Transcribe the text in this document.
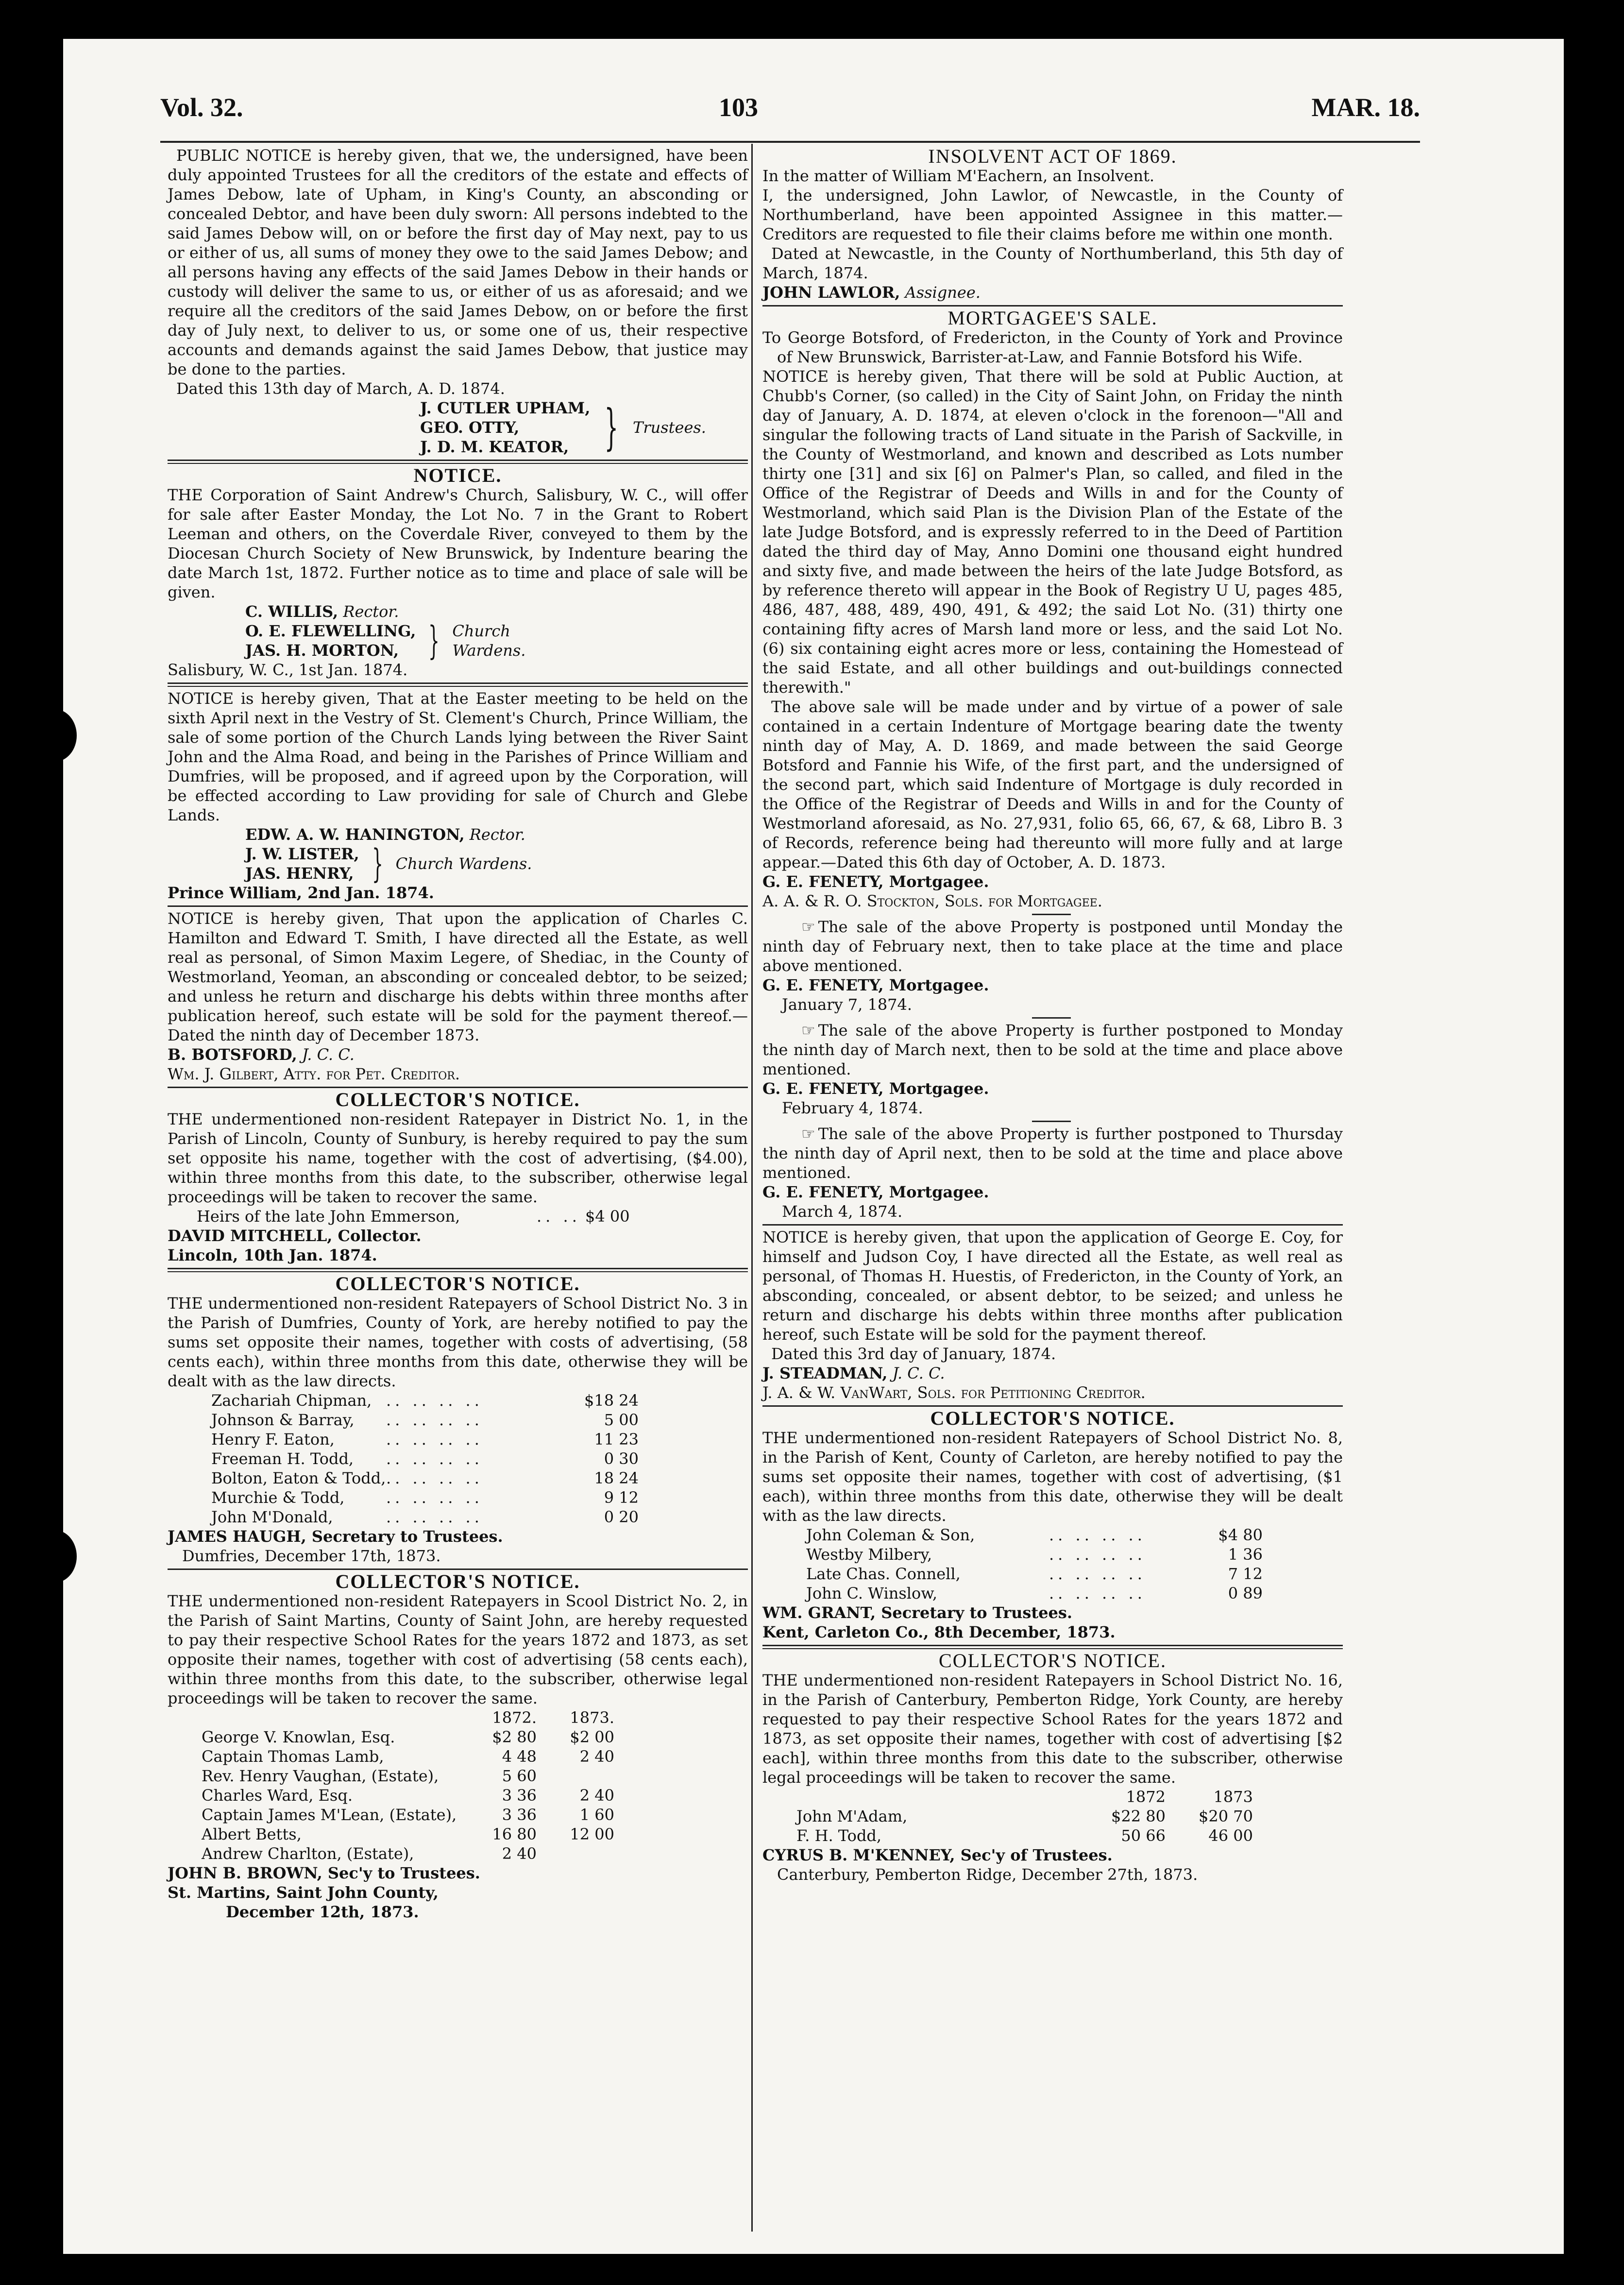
Vol. 32.	103	MAR. 18.

PUBLIC NOTICE is hereby given, that we, the undersigned, have been duly appointed Trustees for all the creditors of the estate and effects of James Debow, late of Upham, in King's County, an absconding or concealed Debtor, and have been duly sworn: All persons indebted to the said James Debow will, on or before the first day of May next, pay to us or either of us, all sums of money they owe to the said James Debow; and all persons having any effects of the said James Debow in their hands or custody will deliver the same to us, or either of us as aforesaid; and we require all the creditors of the said James Debow, on or before the first day of July next, to deliver to us, or some one of us, their respective accounts and demands against the said James Debow, that justice may be done to the parties.

Dated this 13th day of March, A. D. 1874.

J. CUTLER UPHAM,
GEO. OTTY,
J. D. M. KEATOR, } Trustees.
NOTICE.

THE Corporation of Saint Andrew's Church, Salisbury, W. C., will offer for sale after Easter Monday, the Lot No. 7 in the Grant to Robert Leeman and others, on the Coverdale River, conveyed to them by the Diocesan Church Society of New Brunswick, by Indenture bearing the date March 1st, 1872. Further notice as to time and place of sale will be given.

C. WILLIS, Rector.

O. E. FLEWELLING,
JAS. H. MORTON, } Church
Wardens.

Salisbury, W. C., 1st Jan. 1874.

NOTICE is hereby given, That at the Easter meeting to be held on the sixth April next in the Vestry of St. Clement's Church, Prince William, the sale of some portion of the Church Lands lying between the River Saint John and the Alma Road, and being in the Parishes of Prince William and Dumfries, will be proposed, and if agreed upon by the Corporation, will be effected according to Law providing for sale of Church and Glebe Lands.

EDW. A. W. HANINGTON, Rector.

J. W. LISTER,
JAS. HENRY, } Church Wardens.

Prince William, 2nd Jan. 1874.

NOTICE is hereby given, That upon the application of Charles C. Hamilton and Edward T. Smith, I have directed all the Estate, as well real as personal, of Simon Maxim Legere, of Shediac, in the County of Westmorland, Yeoman, an absconding or concealed debtor, to be seized; and unless he return and discharge his debts within three months after publication hereof, such estate will be sold for the payment thereof.—Dated the ninth day of December 1873.

B. BOTSFORD, J. C. C.

Wm. J. Gilbert, Atty. for Pet. Creditor.

COLLECTOR'S NOTICE.

THE undermentioned non-resident Ratepayer in District No. 1, in the Parish of Lincoln, County of Sunbury, is hereby required to pay the sum set opposite his name, together with the cost of advertising, ($4.00), within three months from this date, to the subscriber, otherwise legal proceedings will be taken to recover the same.

Heirs of the late John Emmerson,	.. .. $4 00

DAVID MITCHELL, Collector.

Lincoln, 10th Jan. 1874.

COLLECTOR'S NOTICE.

THE undermentioned non-resident Ratepayers of School District No. 3 in the Parish of Dumfries, County of York, are hereby notified to pay the sums set opposite their names, together with costs of advertising, (58 cents each), within three months from this date, otherwise they will be dealt with as the law directs.

Zachariah Chipman, .. .. .. ..	$18 24
Johnson & Barray,	.. .. .. ..	5 00
Henry F. Eaton,	.. .. .. ..	11 23
Freeman H. Todd,	.. .. .. ..	0 30
Bolton, Eaton & Todd, .. .. .. ..	18 24
Murchie & Todd,	.. .. .. ..	9 12
John M'Donald,	.. .. .. ..	0 20

JAMES HAUGH, Secretary to Trustees.

Dumfries, December 17th, 1873.

COLLECTOR'S NOTICE.

THE undermentioned non-resident Ratepayers in Scool District No. 2, in the Parish of Saint Martins, County of Saint John, are hereby requested to pay their respective School Rates for the years 1872 and 1873, as set opposite their names, together with cost of advertising (58 cents each), within three months from this date, to the subscriber, otherwise legal proceedings will be taken to recover the same.

1872.	1873.
George V. Knowlan, Esq.	$2 80	$2 00
Captain Thomas Lamb,	4 48	2 40
Rev. Henry Vaughan, (Estate),	5 60
Charles Ward, Esq.	3 36	2 40
Captain James M'Lean, (Estate),	3 36	1 60
Albert Betts,	16 80	12 00
Andrew Charlton, (Estate),	2 40

JOHN B. BROWN, Sec'y to Trustees.

St. Martins, Saint John County,

December 12th, 1873.

INSOLVENT ACT OF 1869.

In the matter of William M'Eachern, an Insolvent.

I, the undersigned, John Lawlor, of Newcastle, in the County of Northumberland, have been appointed Assignee in this matter.—Creditors are requested to file their claims before me within one month.

Dated at Newcastle, in the County of Northumberland, this 5th day of March, 1874.

JOHN LAWLOR, Assignee.

MORTGAGEE'S SALE.

To George Botsford, of Fredericton, in the County of York and Province of New Brunswick, Barrister-at-Law, and Fannie Botsford his Wife.

NOTICE is hereby given, That there will be sold at Public Auction, at Chubb's Corner, (so called) in the City of Saint John, on Friday the ninth day of January, A. D. 1874, at eleven o'clock in the forenoon—"All and singular the following tracts of Land situate in the Parish of Sackville, in the County of Westmorland, and known and described as Lots number thirty one [31] and six [6] on Palmer's Plan, so called, and filed in the Office of the Registrar of Deeds and Wills in and for the County of Westmorland, which said Plan is the Division Plan of the Estate of the late Judge Botsford, and is expressly referred to in the Deed of Partition dated the third day of May, Anno Domini one thousand eight hundred and sixty five, and made between the heirs of the late Judge Botsford, as by reference thereto will appear in the Book of Registry U U, pages 485, 486, 487, 488, 489, 490, 491, & 492; the said Lot No. (31) thirty one containing fifty acres of Marsh land more or less, and the said Lot No. (6) six containing eight acres more or less, containing the Homestead of the said Estate, and all other buildings and out-buildings connected therewith."

The above sale will be made under and by virtue of a power of sale contained in a certain Indenture of Mortgage bearing date the twenty ninth day of May, A. D. 1869, and made between the said George Botsford and Fannie his Wife, of the first part, and the undersigned of the second part, which said Indenture of Mortgage is duly recorded in the Office of the Registrar of Deeds and Wills in and for the County of Westmorland aforesaid, as No. 27,931, folio 65, 66, 67, & 68, Libro B. 3 of Records, reference being had thereunto will more fully and at large appear.—Dated this 6th day of October, A. D. 1873.

G. E. FENETY, Mortgagee.

A. A. & R. O. Stockton, Sols. for Mortgagee.

☞ The sale of the above Property is postponed until Monday the ninth day of February next, then to take place at the time and place above mentioned.

G. E. FENETY, Mortgagee.

January 7, 1874.

☞ The sale of the above Property is further postponed to Monday the ninth day of March next, then to be sold at the time and place above mentioned.

G. E. FENETY, Mortgagee.

February 4, 1874.

☞ The sale of the above Property is further postponed to Thursday the ninth day of April next, then to be sold at the time and place above mentioned.

G. E. FENETY, Mortgagee.

March 4, 1874.

NOTICE is hereby given, that upon the application of George E. Coy, for himself and Judson Coy, I have directed all the Estate, as well real as personal, of Thomas H. Huestis, of Fredericton, in the County of York, an absconding, concealed, or absent debtor, to be seized; and unless he return and discharge his debts within three months after publication hereof, such Estate will be sold for the payment thereof.

Dated this 3rd day of January, 1874.

J. STEADMAN, J. C. C.

J. A. & W. VanWart, Sols. for Petitioning Creditor.

COLLECTOR'S NOTICE.

THE undermentioned non-resident Ratepayers of School District No. 8, in the Parish of Kent, County of Carleton, are hereby notified to pay the sums set opposite their names, together with cost of advertising, ($1 each), within three months from this date, otherwise they will be dealt with as the law directs.

John Coleman & Son,	.. .. .. ..	$4 80
Westby Milbery,	.. .. .. ..	1 36
Late Chas. Connell,	.. .. .. ..	7 12
John C. Winslow,	.. .. .. ..	0 89

WM. GRANT, Secretary to Trustees.

Kent, Carleton Co., 8th December, 1873.

COLLECTOR'S NOTICE.

THE undermentioned non-resident Ratepayers in School District No. 16, in the Parish of Canterbury, Pemberton Ridge, York County, are hereby requested to pay their respective School Rates for the years 1872 and 1873, as set opposite their names, together with cost of advertising [$2 each], within three months from this date to the subscriber, otherwise legal proceedings will be taken to recover the same.

1872	1873
John M'Adam,	$22 80	$20 70
F. H. Todd,	50 66	46 00

CYRUS B. M'KENNEY, Sec'y of Trustees.

Canterbury, Pemberton Ridge, December 27th, 1873.
